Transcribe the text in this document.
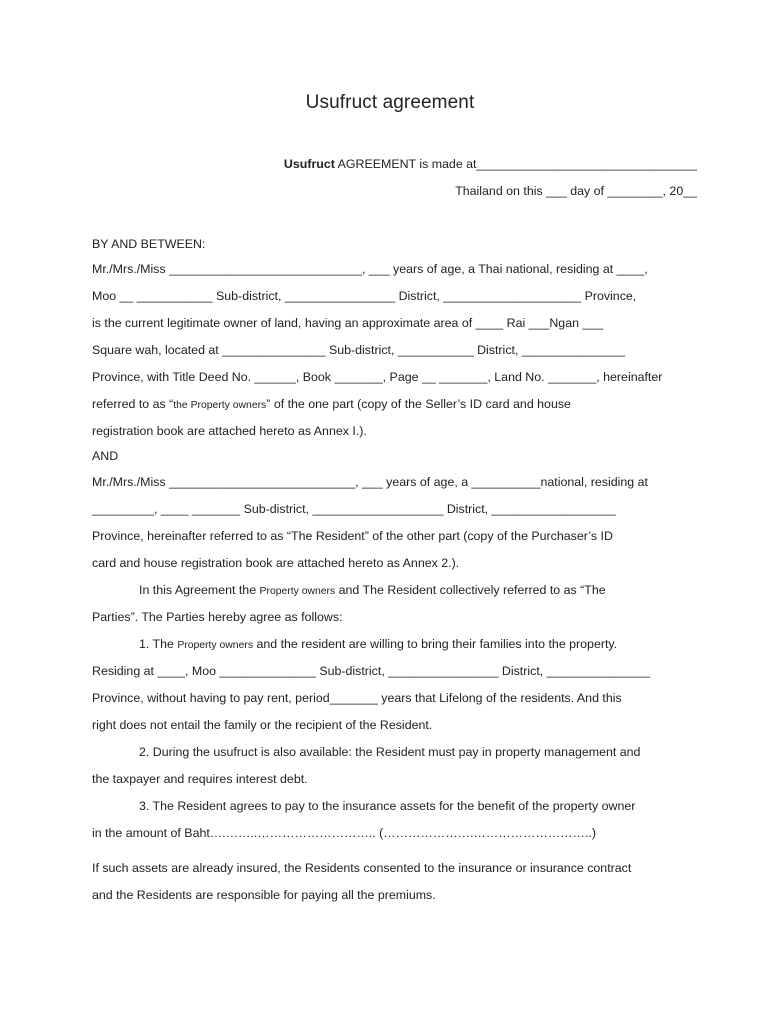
Usufruct agreement
Usufruct AGREEMENT is made at________________________________
Thailand on this ___ day of ________, 20__
BY AND BETWEEN:
Mr./Mrs./Miss ____________________________, ___ years of age, a Thai national, residing at ____,
Moo __ ___________ Sub-district, ________________ District, ____________________ Province,
is the current legitimate owner of land, having an approximate area of ____ Rai ___Ngan ___
Square wah, located at _______________ Sub-district, ___________ District, _______________
Province, with Title Deed No. ______, Book _______, Page __ _______, Land No. _______, hereinafter
referred to as “the Property owners” of the one part (copy of the Seller’s ID card and house
registration book are attached hereto as Annex I.).
AND
Mr./Mrs./Miss ___________________________, ___ years of age, a __________national, residing at
_________, ____ _______ Sub-district, ___________________ District, __________________
Province, hereinafter referred to as “The Resident” of the other part (copy of the Purchaser’s ID
card and house registration book are attached hereto as Annex 2.).
In this Agreement the Property owners and The Resident collectively referred to as “The
Parties”. The Parties hereby agree as follows:
1. The Property owners and the resident are willing to bring their families into the property.
Residing at ____, Moo ______________ Sub-district, ________________ District, _______________
Province, without having to pay rent, period_______ years that Lifelong of the residents. And this
right does not entail the family or the recipient of the Resident.
2. During the usufruct is also available: the Resident must pay in property management and
the taxpayer and requires interest debt.
3. The Resident agrees to pay to the insurance assets for the benefit of the property owner
in the amount of Baht….……..……………………….. (………………….………………………..)
If such assets are already insured, the Residents consented to the insurance or insurance contract
and the Residents are responsible for paying all the premiums.
